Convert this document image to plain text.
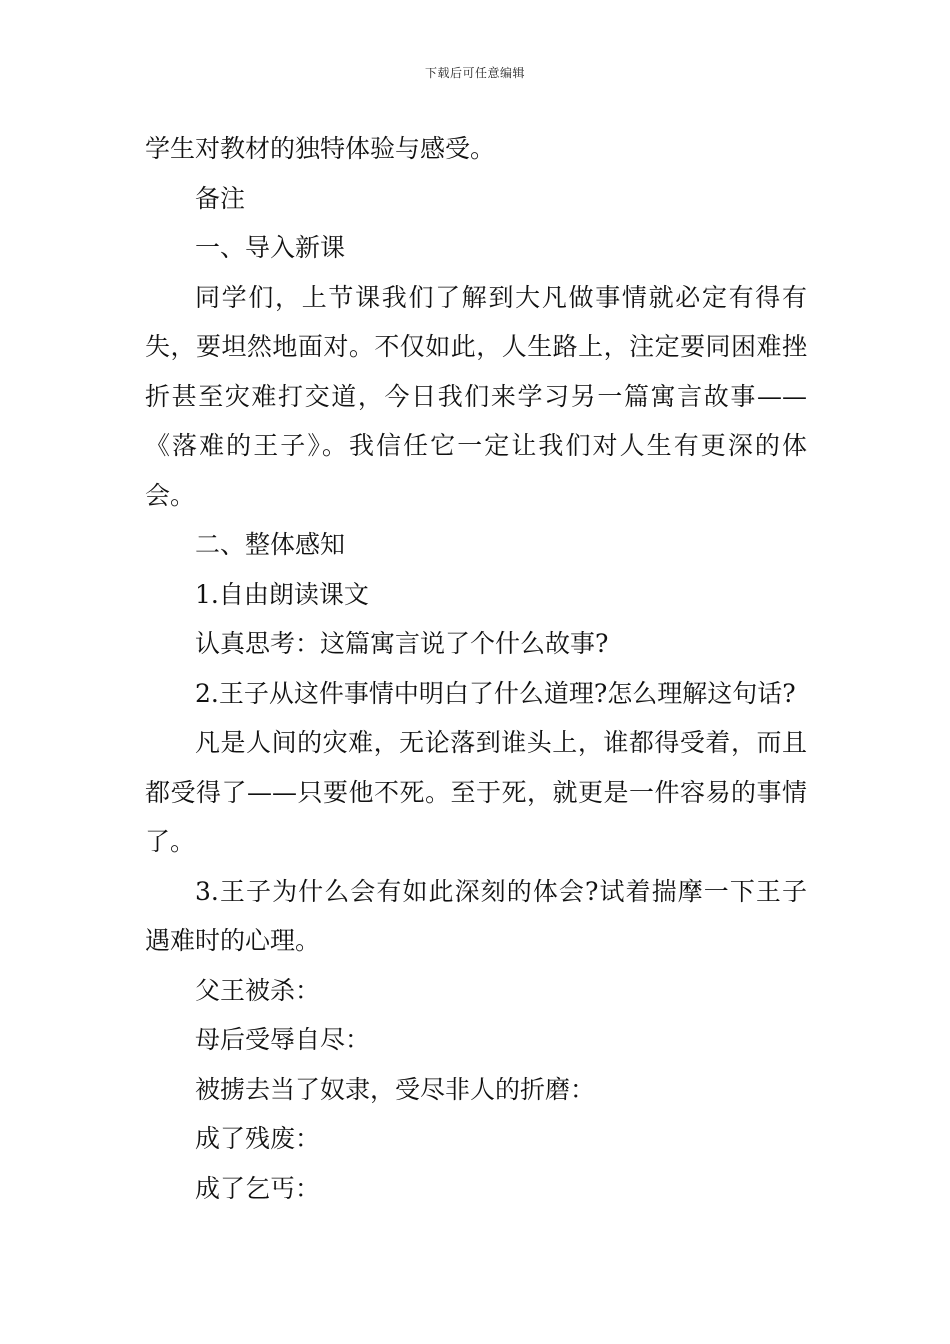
下载后可任意编辑

学生对教材的独特体验与感受。

备注

一、导入新课

同学们，上节课我们了解到大凡做事情就必定有得有失，要坦然地面对。不仅如此，人生路上，注定要同困难挫折甚至灾难打交道，今日我们来学习另一篇寓言故事——《落难的王子》。我信任它一定让我们对人生有更深的体会。

二、整体感知

1.自由朗读课文

认真思考：这篇寓言说了个什么故事?

2.王子从这件事情中明白了什么道理?怎么理解这句话?

凡是人间的灾难，无论落到谁头上，谁都得受着，而且都受得了——只要他不死。至于死，就更是一件容易的事情了。

3.王子为什么会有如此深刻的体会?试着揣摩一下王子遇难时的心理。

父王被杀：

母后受辱自尽：

被掳去当了奴隶，受尽非人的折磨：

成了残废：

成了乞丐：
